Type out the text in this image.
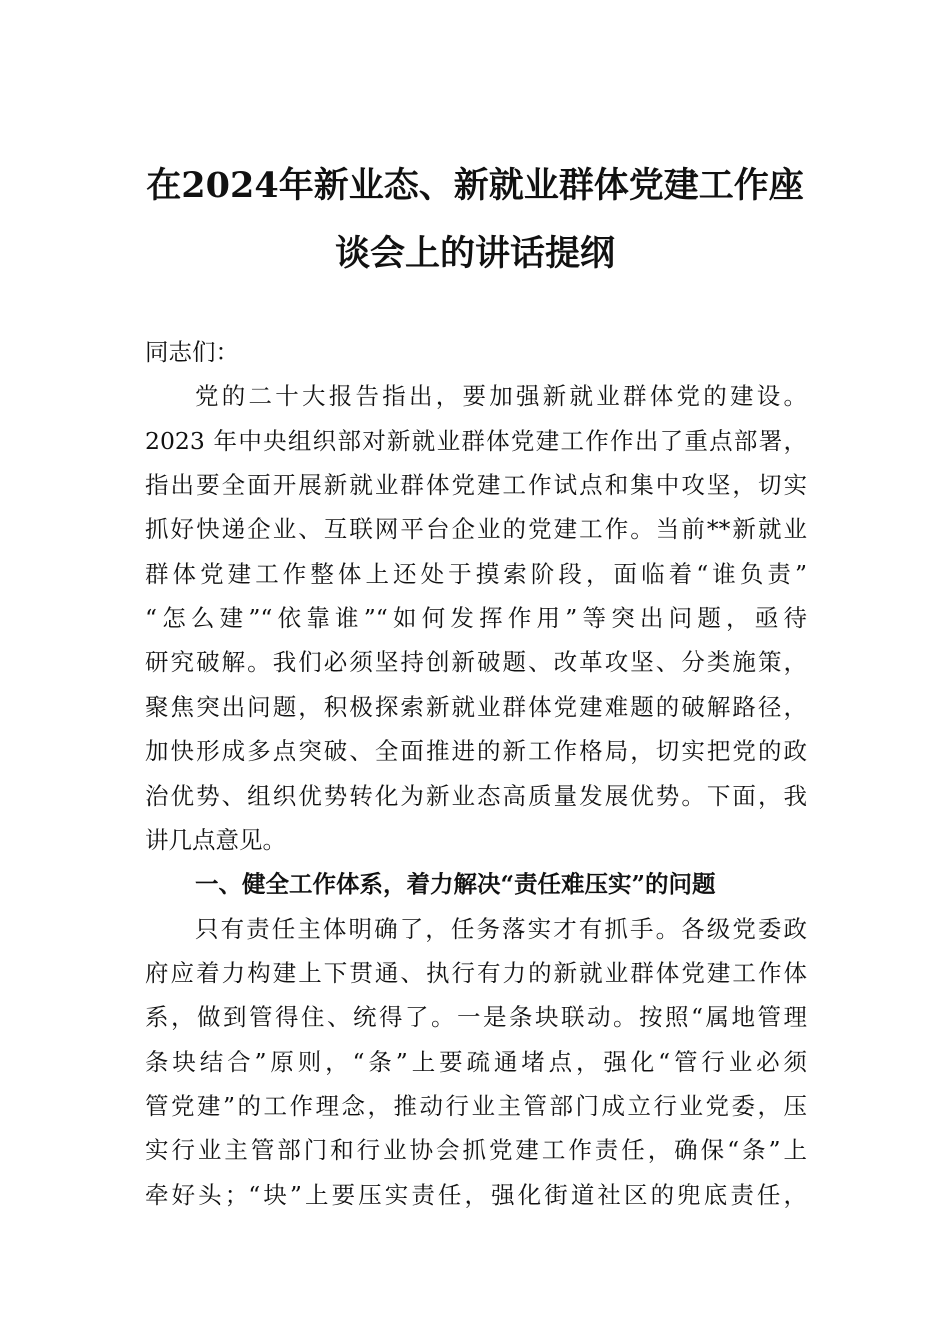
在2024年新业态、新就业群体党建工作座
谈会上的讲话提纲
同志们：
党的二十大报告指出，要加强新就业群体党的建设。
2023 年中央组织部对新就业群体党建工作作出了重点部署，
指出要全面开展新就业群体党建工作试点和集中攻坚，切实
抓好快递企业、互联网平台企业的党建工作。当前**新就业
群体党建工作整体上还处于摸索阶段，面临着“谁负责”
“怎么建”“依靠谁”“如何发挥作用”等突出问题，亟待
研究破解。我们必须坚持创新破题、改革攻坚、分类施策，
聚焦突出问题，积极探索新就业群体党建难题的破解路径，
加快形成多点突破、全面推进的新工作格局，切实把党的政
治优势、组织优势转化为新业态高质量发展优势。下面，我
讲几点意见。
一、健全工作体系，着力解决“责任难压实”的问题
只有责任主体明确了，任务落实才有抓手。各级党委政
府应着力构建上下贯通、执行有力的新就业群体党建工作体
系，做到管得住、统得了。一是条块联动。按照“属地管理
条块结合”原则，“条”上要疏通堵点，强化“管行业必须
管党建”的工作理念，推动行业主管部门成立行业党委，压
实行业主管部门和行业协会抓党建工作责任，确保“条”上
牵好头；“块”上要压实责任，强化街道社区的兜底责任，
